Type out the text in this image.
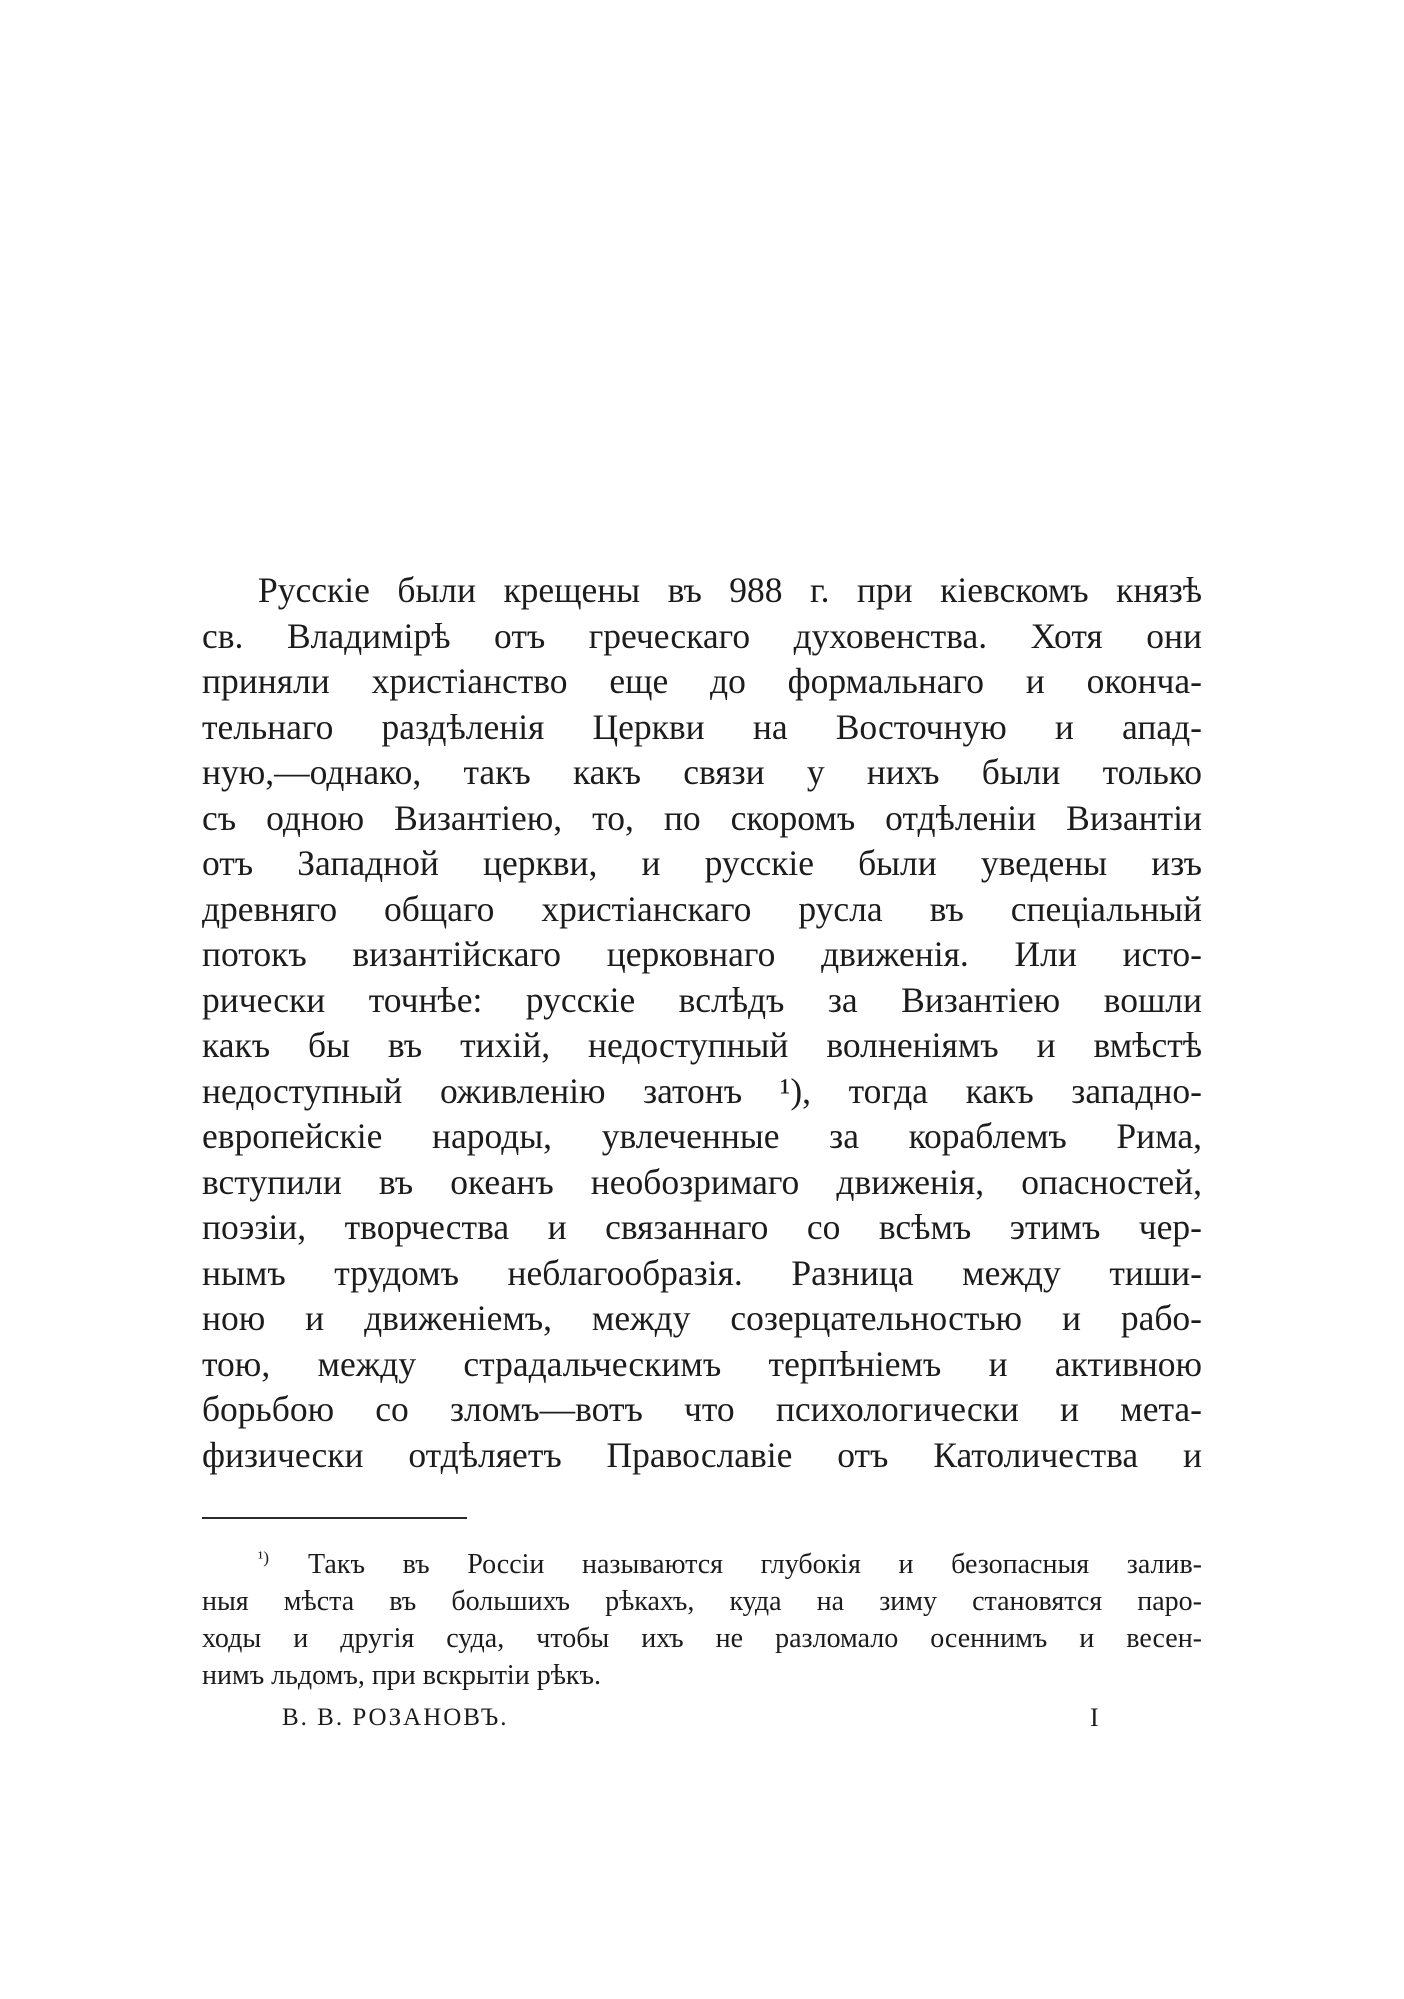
Русскіе были крещены въ 988 г. при кіевскомъ князѣ
св. Владимірѣ отъ греческаго духовенства. Хотя они
приняли христіанство еще до формальнаго и оконча-
тельнаго раздѣленія Церкви на Восточную и апад-
ную,—однако, такъ какъ связи у нихъ были только
съ одною Византіею, то, по скоромъ отдѣленіи Византіи
отъ Западной церкви, и русскіе были уведены изъ
древняго общаго христіанскаго русла въ спеціальный
потокъ византійскаго церковнаго движенія. Или исто-
рически точнѣе: русскіе вслѣдъ за Византіею вошли
какъ бы въ тихій, недоступный волненіямъ и вмѣстѣ
недоступный оживленію затонъ ¹), тогда какъ западно-
европейскіе народы, увлеченные за кораблемъ Рима,
вступили въ океанъ необозримаго движенія, опасностей,
поэзіи, творчества и связаннаго со всѣмъ этимъ чер-
нымъ трудомъ неблагообразія. Разница между тиши-
ною и движеніемъ, между созерцательностью и рабо-
тою, между страдальческимъ терпѣніемъ и активною
борьбою со зломъ—вотъ что психологически и мета-
физически отдѣляетъ Православіе отъ Католичества и
$^{^1)}$ Такъ въ Россіи называются глубокія и безопасныя залив-
ныя мѣста въ большихъ рѣкахъ, куда на зиму становятся паро-
ходы и другія суда, чтобы ихъ не разломало осеннимъ и весен-
нимъ льдомъ, при вскрытіи рѣкъ.
В. В. РОЗАНОВЪ.	I
